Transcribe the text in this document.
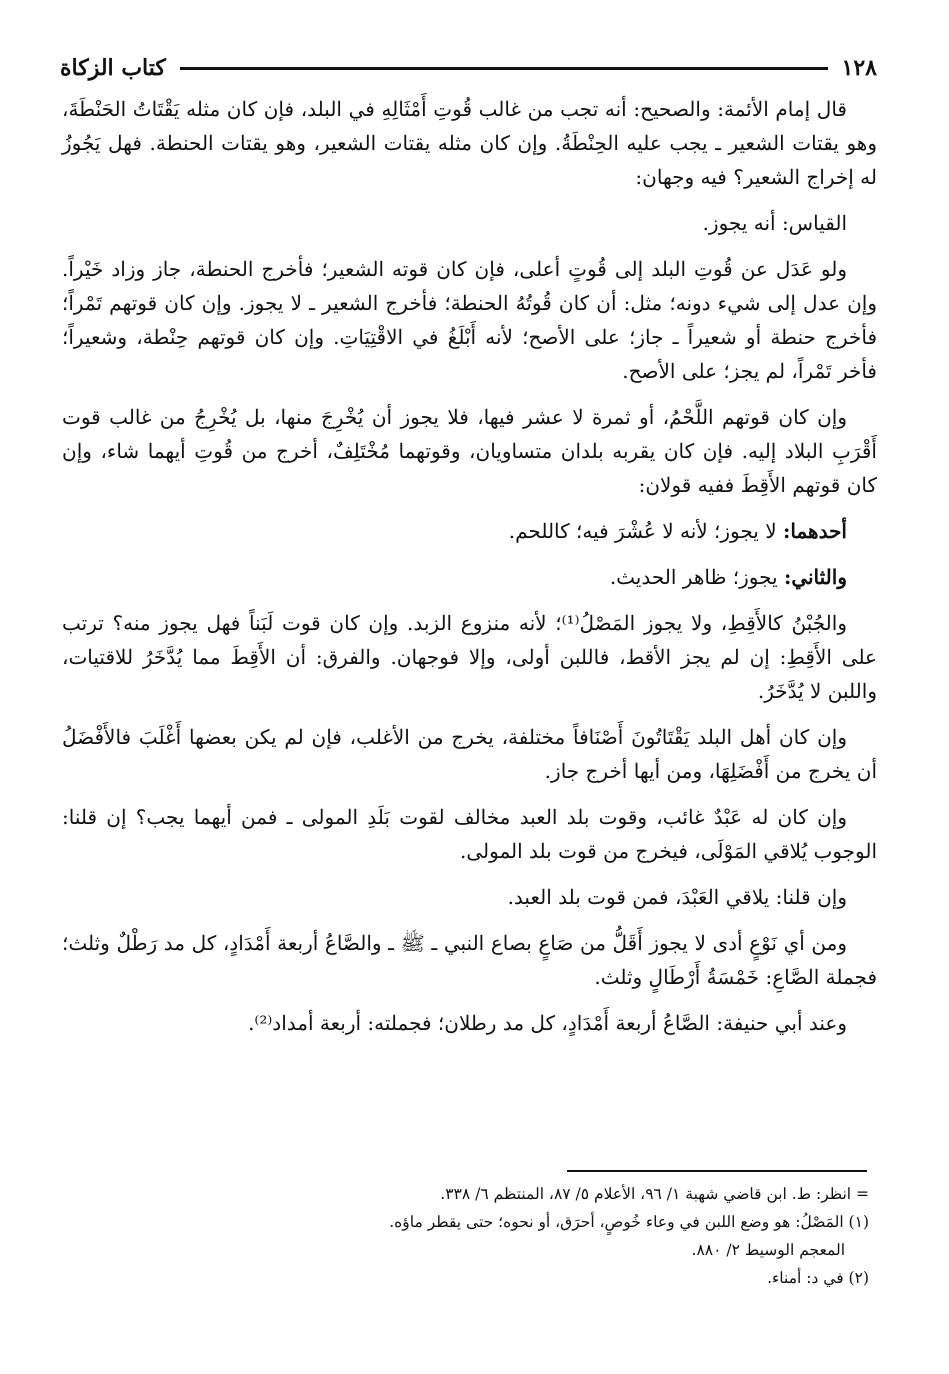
١٢٨
كتاب الزكاة

قال إمام الأئمة: والصحيح: أنه تجب من غالب قُوتِ أَمْثَالِهِ في البلد، فإن كان مثله يَقْتَاتُ الحَنْطَةَ، وهو يقتات الشعير ـ يجب عليه الحِنْطَةُ. وإن كان مثله يقتات الشعير، وهو يقتات الحنطة. فهل يَجُوزُ له إخراج الشعير؟ فيه وجهان:

القياس: أنه يجوز.

ولو عَدَل عن قُوتِ البلد إلى قُوتٍ أعلى، فإن كان قوته الشعير؛ فأخرج الحنطة، جاز وزاد خَيْراً. وإن عدل إلى شيء دونه؛ مثل: أن كان قُوتُهُ الحنطة؛ فأخرج الشعير ـ لا يجوز. وإن كان قوتهم تَمْراً؛ فأخرج حنطة أو شعيراً ـ جاز؛ على الأصح؛ لأنه أَبْلَغُ في الاقْتِيَاتِ. وإن كان قوتهم حِنْطة، وشعيراً؛ فأخر تَمْراً، لم يجز؛ على الأصح.

وإن كان قوتهم اللَّحْمُ، أو ثمرة لا عشر فيها، فلا يجوز أن يُخْرِجَ منها، بل يُخْرِجُ من غالب قوت أَقْرَبِ البلاد إليه. فإن كان يقربه بلدان متساويان، وقوتهما مُخْتَلِفٌ، أخرج من قُوتِ أيهما شاء، وإن كان قوتهم الأَقِطَ ففيه قولان:

أحدهما: لا يجوز؛ لأنه لا عُشْرَ فيه؛ كاللحم.

والثاني: يجوز؛ ظاهر الحديث.

والجُبْنُ كالأَقِطِ، ولا يجوز المَصْلُ⁽¹⁾؛ لأنه منزوع الزبد. وإن كان قوت لَبَناً فهل يجوز منه؟ ترتب على الأَقِطِ: إن لم يجز الأقط، فاللبن أولى، وإلا فوجهان. والفرق: أن الأَقِطَ مما يُدَّخَرُ للاقتيات، واللبن لا يُدَّخَرُ.

وإن كان أهل البلد يَقْتَاتُونَ أَصْنَافاً مختلفة، يخرج من الأغلب، فإن لم يكن بعضها أَغْلَبَ فالأَفْضَلُ أن يخرج من أَفْضَلِهَا، ومن أيها أخرج جاز.

وإن كان له عَبْدٌ غائب، وقوت بلد العبد مخالف لقوت بَلَدِ المولى ـ فمن أيهما يجب؟ إن قلنا: الوجوب يُلاقي المَوْلَى، فيخرج من قوت بلد المولى.

وإن قلنا: يلاقي العَبْدَ، فمن قوت بلد العبد.

ومن أي نَوْعٍ أدى لا يجوز أَقَلُّ من صَاعٍ بصاع النبي ـ ﷺ ـ والصَّاعُ أربعة أَمْدَادٍ، كل مد رَطْلٌ وثلث؛ فجملة الصَّاعِ: خَمْسَةُ أَرْطَالٍ وثلث.

وعند أبي حنيفة: الصَّاعُ أربعة أَمْدَادٍ، كل مد رطلان؛ فجملته: أربعة أمداد⁽²⁾.

= انظر: ط. ابن قاضي شهبة ١/ ٩٦، الأعلام ٥/ ٨٧، المنتظم ٦/ ٣٣٨.

(١) المَصْلُ: هو وضع اللبن في وعاء خُوصٍ، أحرَق، أو نحوه؛ حتى يقطر ماؤه.

المعجم الوسيط ٢/ ٨٨٠.

(٢) في د: أمناء.
